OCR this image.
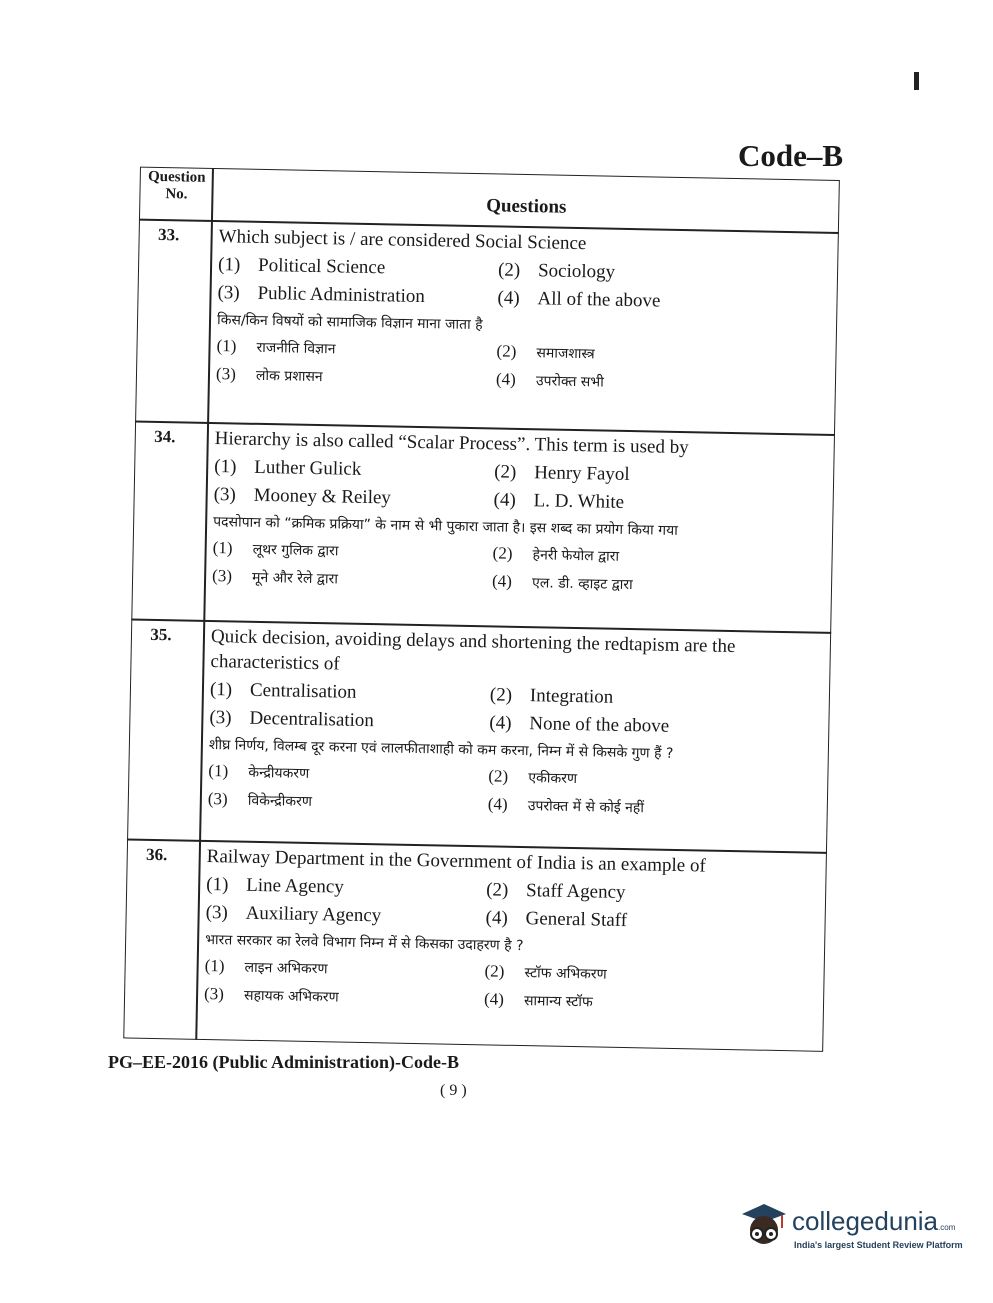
Code–B
Question No.
Questions
33.	Which subject is / are considered Social Science

(1) Political Science	(2) Sociology
(3) Public Administration	(4) All of the above
किस/किन विषयों को सामाजिक विज्ञान माना जाता है
(1) राजनीति विज्ञान	(2) समाजशास्त्र
(3) लोक प्रशासन	(4) उपरोक्त सभी
34.	Hierarchy is also called “Scalar Process”. This term is used by

(1) Luther Gulick	(2) Henry Fayol
(3) Mooney & Reiley	(4) L. D. White
पदसोपान को “क्रमिक प्रक्रिया” के नाम से भी पुकारा जाता है। इस शब्द का प्रयोग किया गया
(1) लूथर गुलिक द्वारा	(2) हेनरी फेयोल द्वारा
(3) मूने और रेले द्वारा	(4) एल. डी. व्हाइट द्वारा
35.	Quick decision, avoiding delays and shortening the redtapism are the characteristics of

(1) Centralisation	(2) Integration
(3) Decentralisation	(4) None of the above
शीघ्र निर्णय, विलम्ब दूर करना एवं लालफीताशाही को कम करना, निम्न में से किसके गुण हैं ?
(1) केन्द्रीयकरण	(2) एकीकरण
(3) विकेन्द्रीकरण	(4) उपरोक्त में से कोई नहीं
36.	Railway Department in the Government of India is an example of

(1) Line Agency	(2) Staff Agency
(3) Auxiliary Agency	(4) General Staff
भारत सरकार का रेलवे विभाग निम्न में से किसका उदाहरण है ?
(1) लाइन अभिकरण	(2) स्टॉफ अभिकरण
(3) सहायक अभिकरण	(4) सामान्य स्टॉफ
PG–EE-2016 (Public Administration)-Code-B
( 9 )
collegedunia.com
India's largest Student Review Platform
